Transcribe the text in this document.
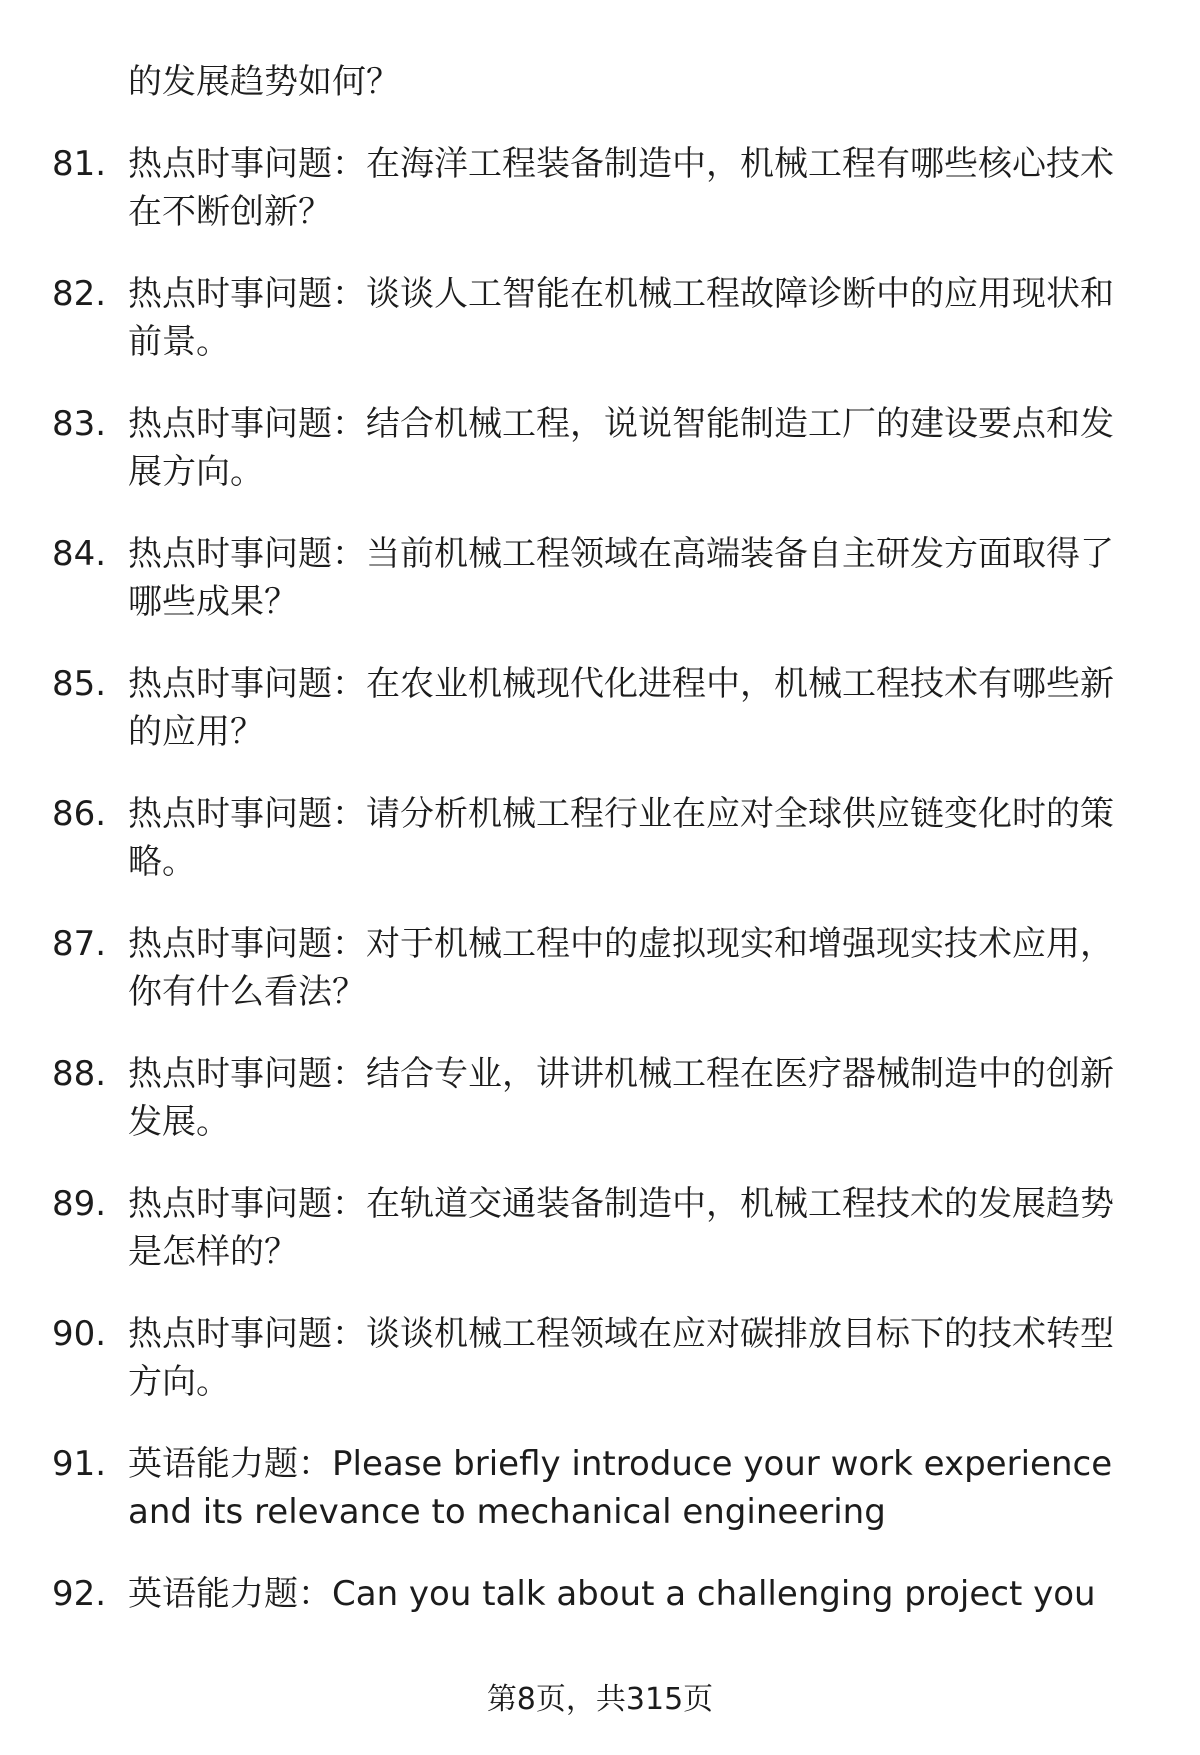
的发展趋势如何？
81. 热点时事问题：在海洋工程装备制造中，机械工程有哪些核心技术在不断创新？
82. 热点时事问题：谈谈人工智能在机械工程故障诊断中的应用现状和前景。
83. 热点时事问题：结合机械工程，说说智能制造工厂的建设要点和发展方向。
84. 热点时事问题：当前机械工程领域在高端装备自主研发方面取得了哪些成果？
85. 热点时事问题：在农业机械现代化进程中，机械工程技术有哪些新的应用？
86. 热点时事问题：请分析机械工程行业在应对全球供应链变化时的策略。
87. 热点时事问题：对于机械工程中的虚拟现实和增强现实技术应用，你有什么看法？
88. 热点时事问题：结合专业，讲讲机械工程在医疗器械制造中的创新发展。
89. 热点时事问题：在轨道交通装备制造中，机械工程技术的发展趋势是怎样的？
90. 热点时事问题：谈谈机械工程领域在应对碳排放目标下的技术转型方向。
91. 英语能力题：Please briefly introduce your work experience and its relevance to mechanical engineering
92. 英语能力题：Can you talk about a challenging project you
第8页，共315页
